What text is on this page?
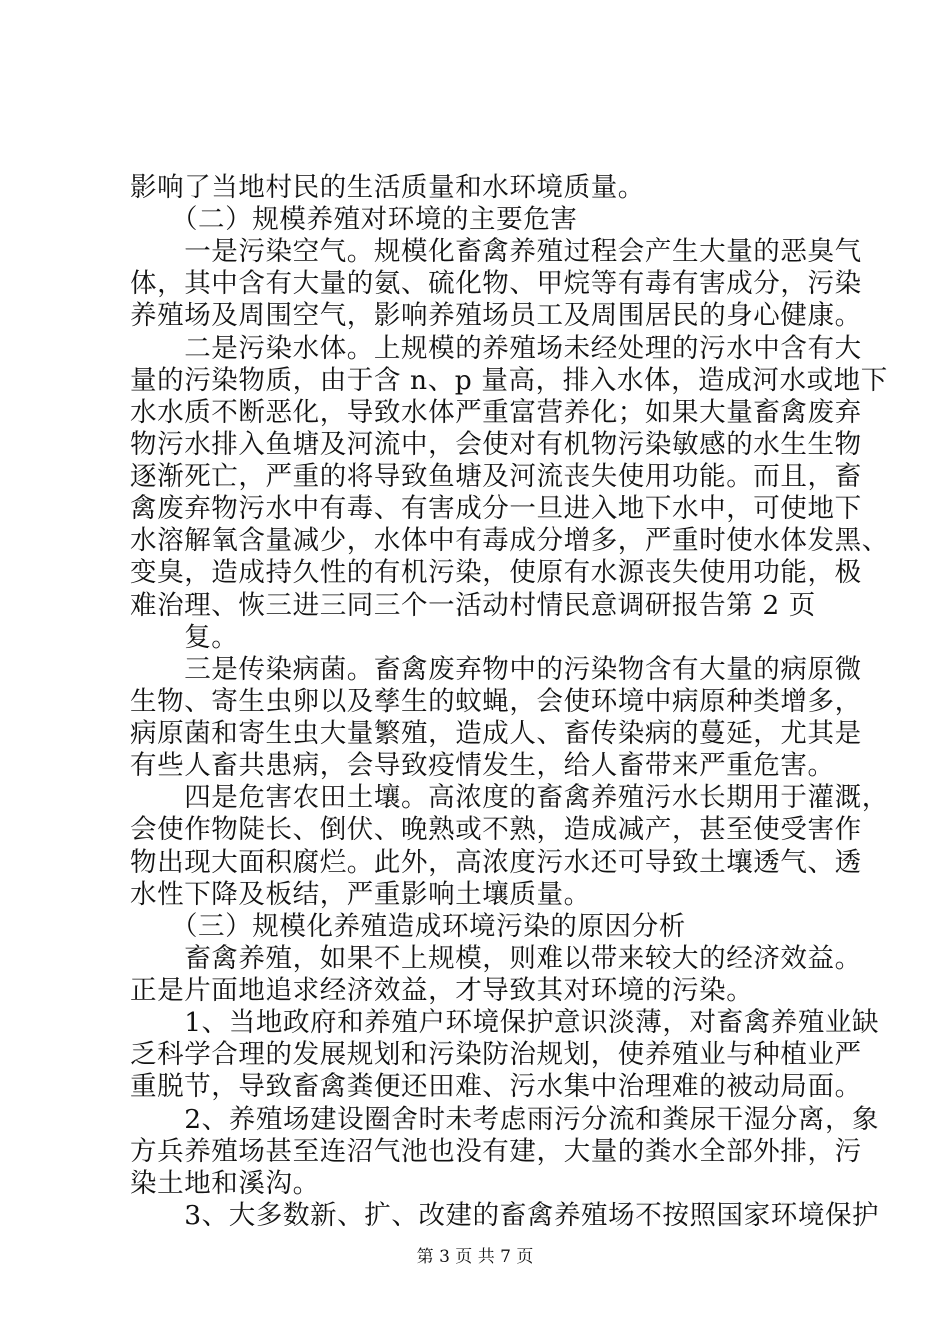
影响了当地村民的生活质量和水环境质量。
　　（二）规模养殖对环境的主要危害
　　一是污染空气。规模化畜禽养殖过程会产生大量的恶臭气
体，其中含有大量的氨、硫化物、甲烷等有毒有害成分，污染
养殖场及周围空气，影响养殖场员工及周围居民的身心健康。
　　二是污染水体。上规模的养殖场未经处理的污水中含有大
量的污染物质，由于含 n、p 量高，排入水体，造成河水或地下
水水质不断恶化，导致水体严重富营养化；如果大量畜禽废弃
物污水排入鱼塘及河流中，会使对有机物污染敏感的水生生物
逐渐死亡，严重的将导致鱼塘及河流丧失使用功能。而且，畜
禽废弃物污水中有毒、有害成分一旦进入地下水中，可使地下
水溶解氧含量减少，水体中有毒成分增多，严重时使水体发黑、
变臭，造成持久性的有机污染，使原有水源丧失使用功能，极
难治理、恢三进三同三个一活动村情民意调研报告第 2 页
　　复。
　　三是传染病菌。畜禽废弃物中的污染物含有大量的病原微
生物、寄生虫卵以及孳生的蚊蝇，会使环境中病原种类增多，
病原菌和寄生虫大量繁殖，造成人、畜传染病的蔓延，尤其是
有些人畜共患病，会导致疫情发生，给人畜带来严重危害。
　　四是危害农田土壤。高浓度的畜禽养殖污水长期用于灌溉，
会使作物陡长、倒伏、晚熟或不熟，造成减产，甚至使受害作
物出现大面积腐烂。此外，高浓度污水还可导致土壤透气、透
水性下降及板结，严重影响土壤质量。
　　（三）规模化养殖造成环境污染的原因分析
　　畜禽养殖，如果不上规模，则难以带来较大的经济效益。
正是片面地追求经济效益，才导致其对环境的污染。
　　1、当地政府和养殖户环境保护意识淡薄，对畜禽养殖业缺
乏科学合理的发展规划和污染防治规划，使养殖业与种植业严
重脱节，导致畜禽粪便还田难、污水集中治理难的被动局面。
　　2、养殖场建设圈舍时未考虑雨污分流和粪尿干湿分离，象
方兵养殖场甚至连沼气池也没有建，大量的粪水全部外排，污
染土地和溪沟。
　　3、大多数新、扩、改建的畜禽养殖场不按照国家环境保护
第 3 页 共 7 页
